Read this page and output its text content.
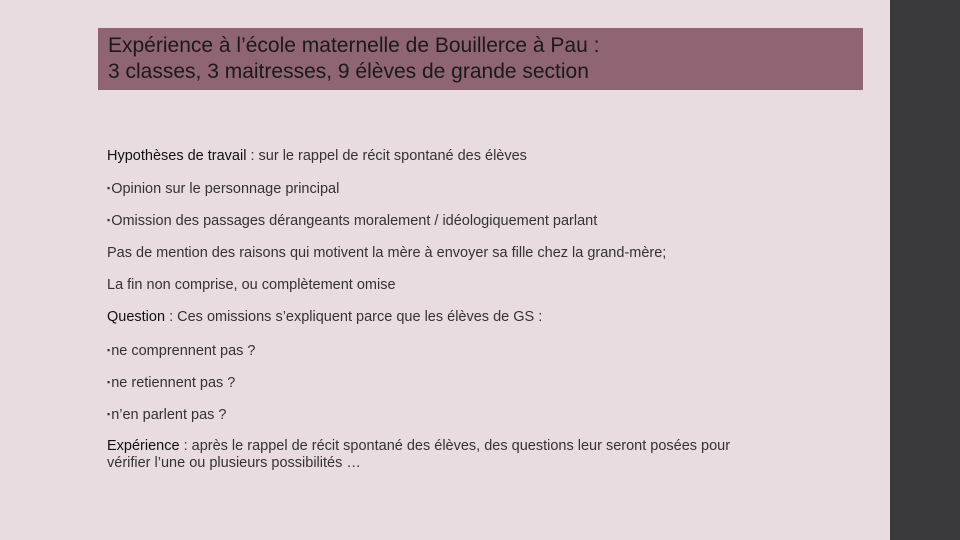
Expérience à l’école maternelle de Bouillerce à Pau :
3 classes, 3 maitresses, 9 élèves de grande section
Hypothèses de travail : sur le rappel de récit spontané des élèves
▪Opinion sur le personnage principal
▪Omission des passages dérangeants moralement / idéologiquement parlant
Pas de mention des raisons qui motivent la mère à envoyer sa fille chez la grand-mère;
La fin non comprise, ou complètement omise
Question : Ces omissions s’expliquent parce que les élèves de GS :
▪ne comprennent pas ?
▪ne retiennent pas ?
▪n’en parlent pas ?
Expérience : après le rappel de récit spontané des élèves, des questions leur seront posées pour vérifier l’une ou plusieurs possibilités …
